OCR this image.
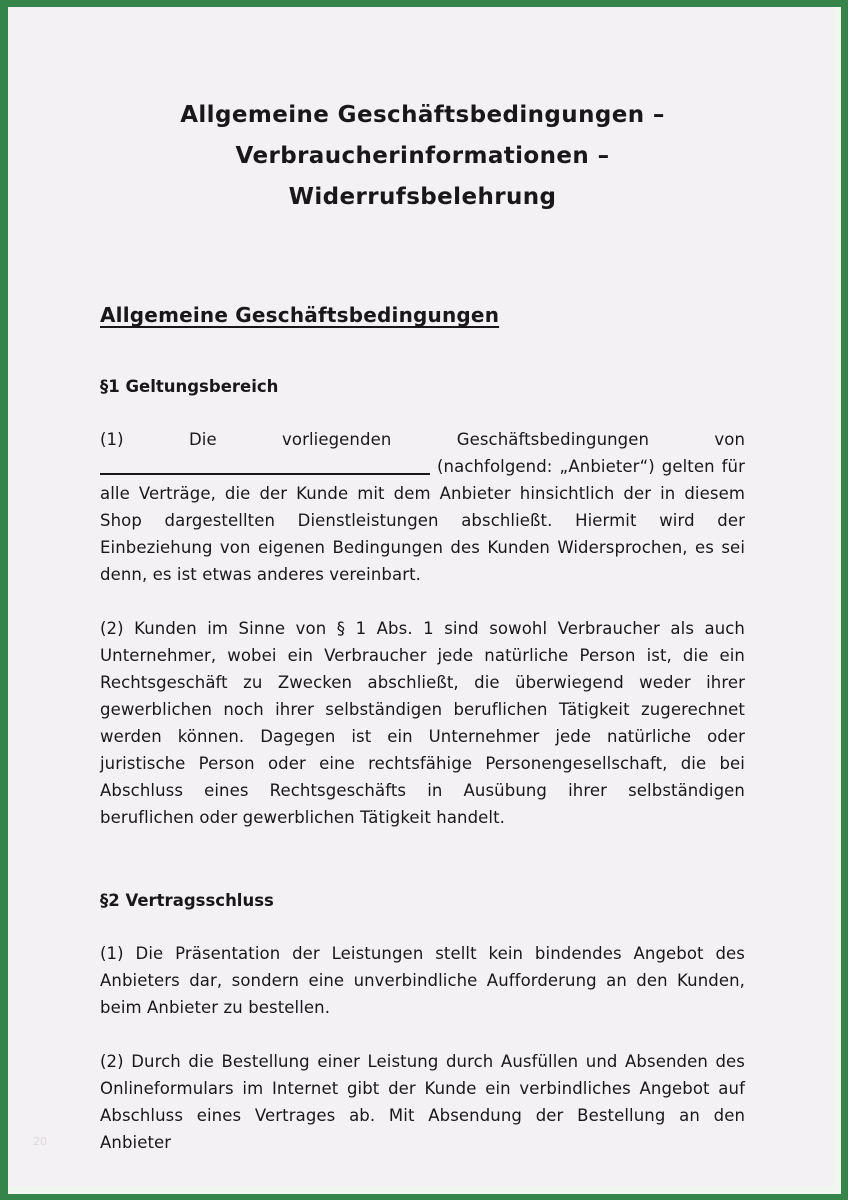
Allgemeine Geschäftsbedingungen –
Verbraucherinformationen – Widerrufsbelehrung
Allgemeine Geschäftsbedingungen
§1 Geltungsbereich

(1) Die vorliegenden Geschäftsbedingungen von  (nachfolgend: „Anbieter“) gelten für alle Verträge, die der Kunde mit dem Anbieter hinsichtlich der in diesem Shop dargestellten Dienstleistungen abschließt. Hiermit wird der Einbeziehung von eigenen Bedingungen des Kunden Widersprochen, es sei denn, es ist etwas anderes vereinbart.

(2) Kunden im Sinne von § 1 Abs. 1 sind sowohl Verbraucher als auch Unternehmer, wobei ein Verbraucher jede natürliche Person ist, die ein Rechtsgeschäft zu Zwecken abschließt, die überwiegend weder ihrer gewerblichen noch ihrer selbständigen beruflichen Tätigkeit zugerechnet werden können. Dagegen ist ein Unternehmer jede natürliche oder juristische Person oder eine rechtsfähige Personengesellschaft, die bei Abschluss eines Rechtsgeschäfts in Ausübung ihrer selbständigen beruflichen oder gewerblichen Tätigkeit handelt.

§2 Vertragsschluss

(1) Die Präsentation der Leistungen stellt kein bindendes Angebot des Anbieters dar, sondern eine unverbindliche Aufforderung an den Kunden, beim Anbieter zu bestellen.

(2) Durch die Bestellung einer Leistung durch Ausfüllen und Absenden des Onlineformulars im Internet gibt der Kunde ein verbindliches Angebot auf Abschluss eines Vertrages ab. Mit Absendung der Bestellung an den Anbieter

20
